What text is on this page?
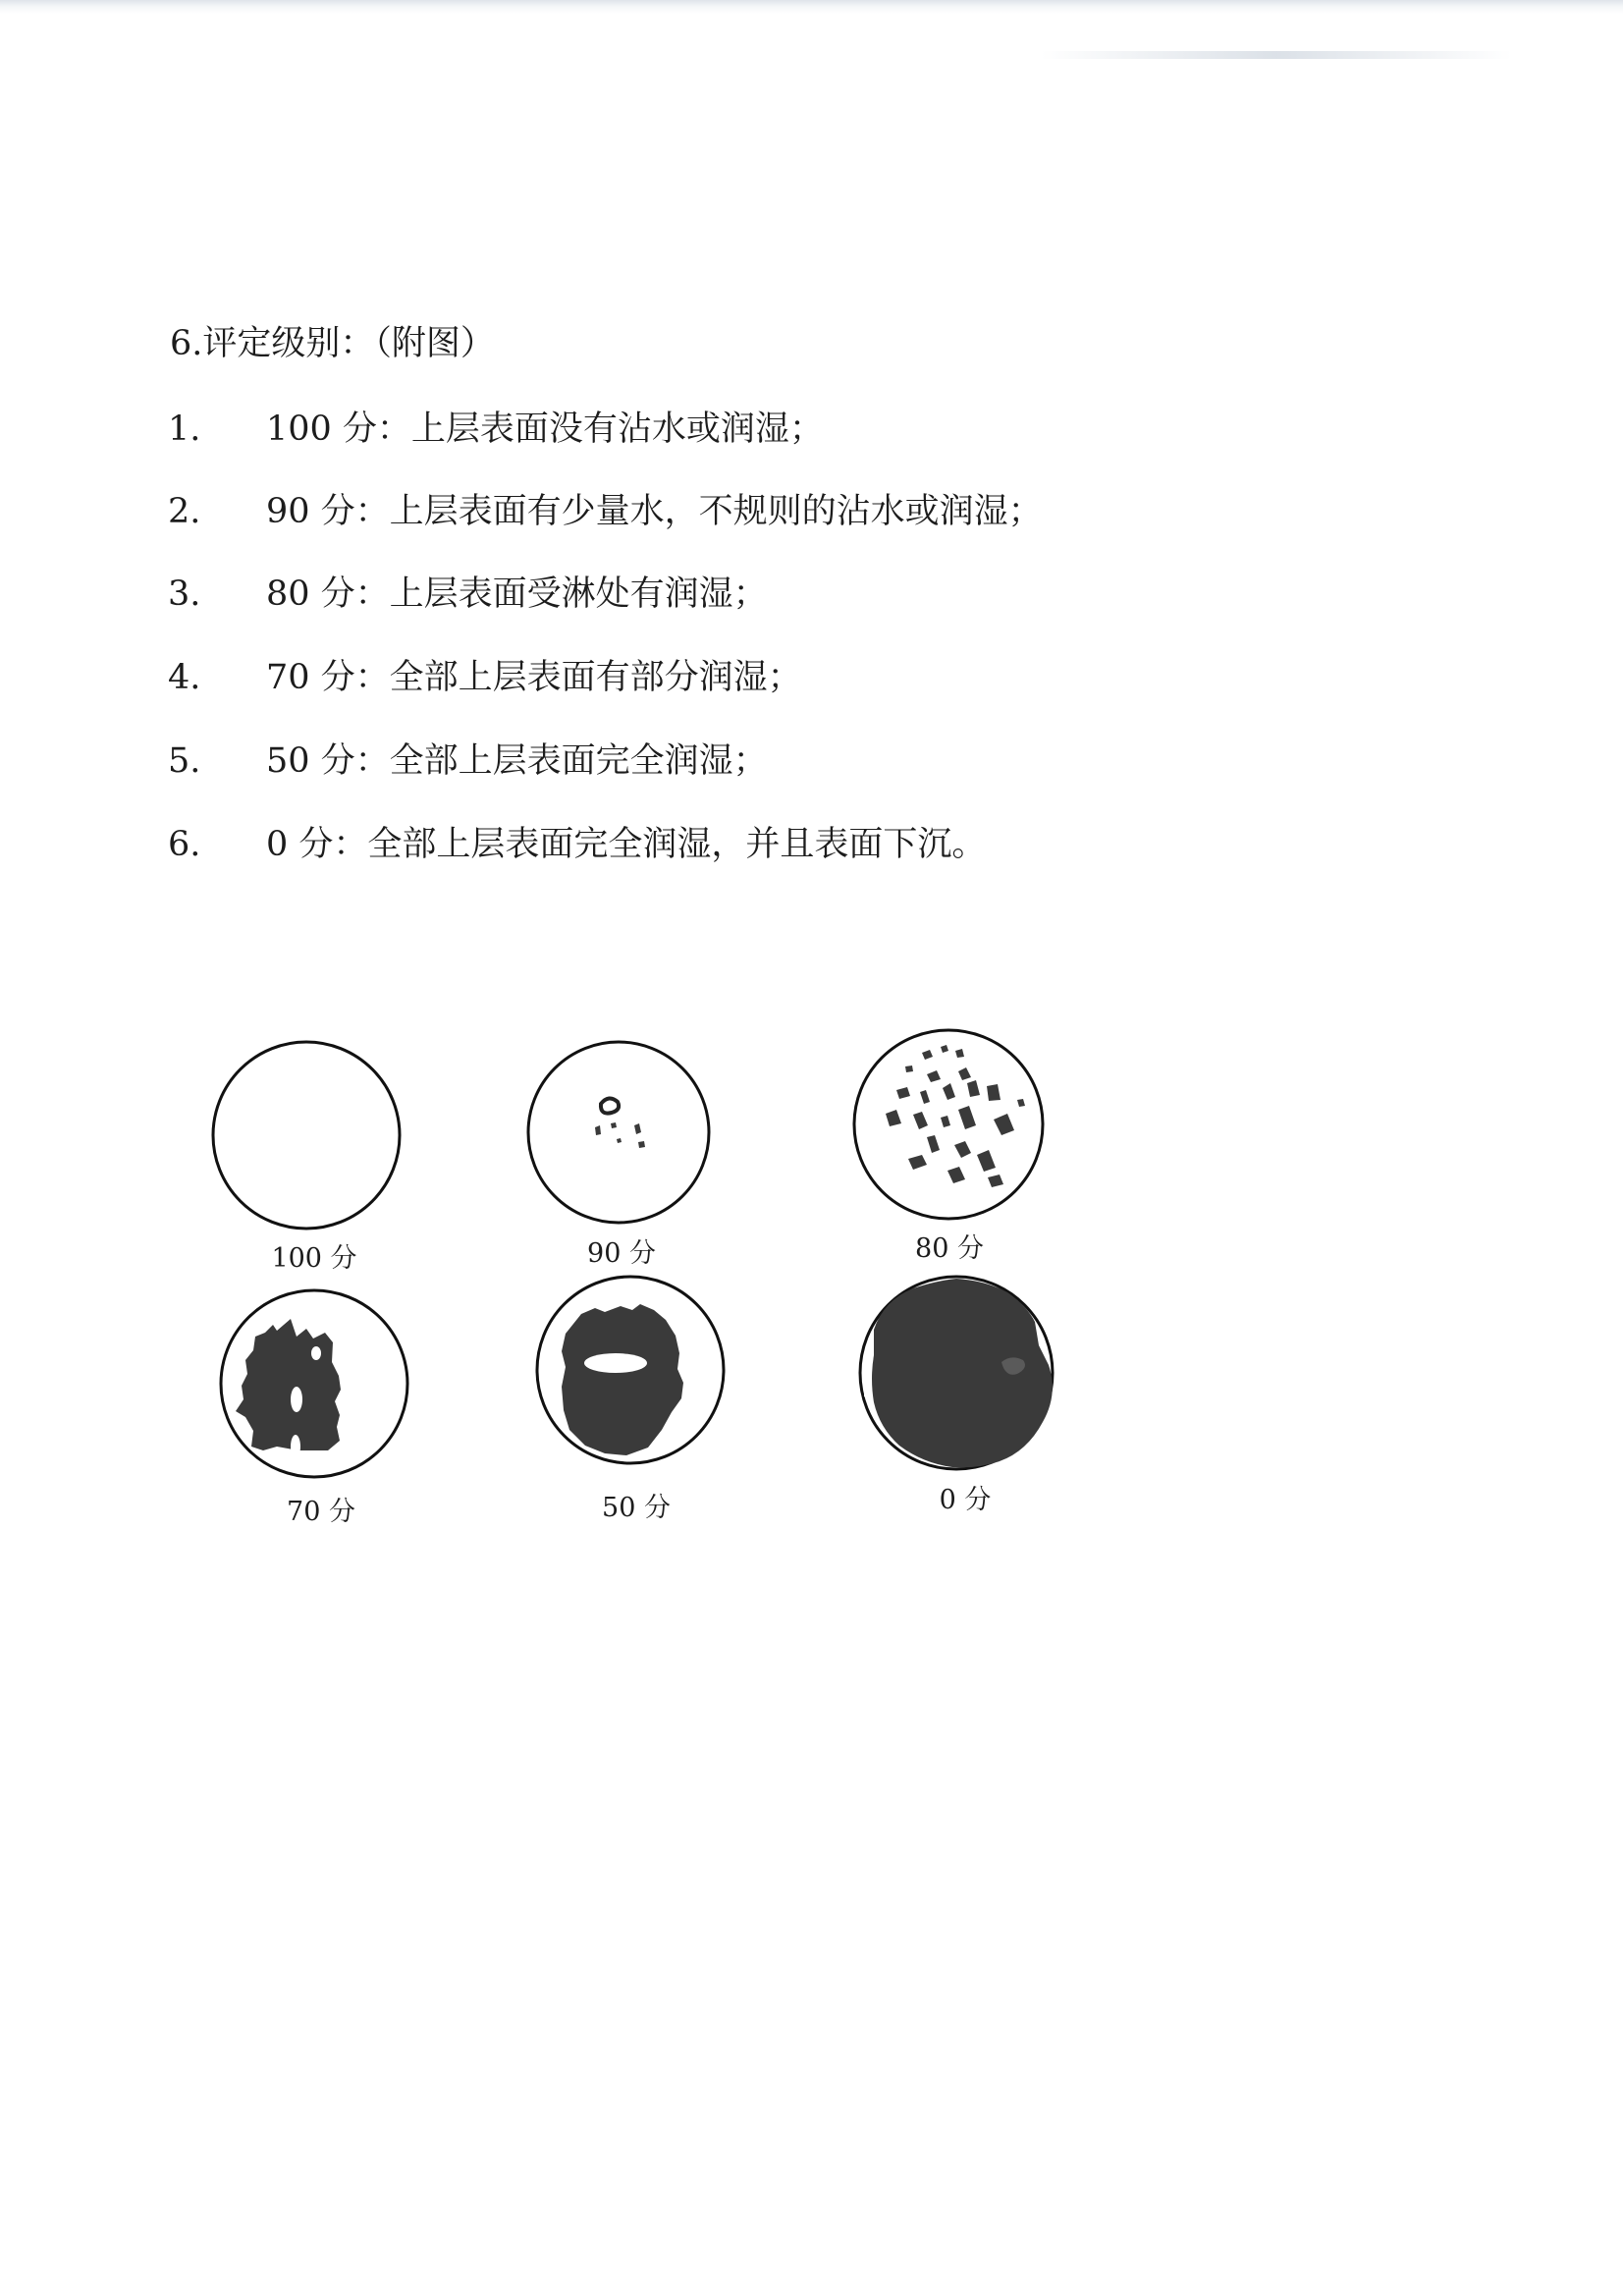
6.评定级别：（附图）
1. 100 分：上层表面没有沾水或润湿；
2. 90 分：上层表面有少量水，不规则的沾水或润湿；
3. 80 分：上层表面受淋处有润湿；
4. 70 分：全部上层表面有部分润湿；
5. 50 分：全部上层表面完全润湿；
6. 0 分：全部上层表面完全润湿，并且表面下沉。
100 分	90 分	80 分
70 分	50 分	0 分
